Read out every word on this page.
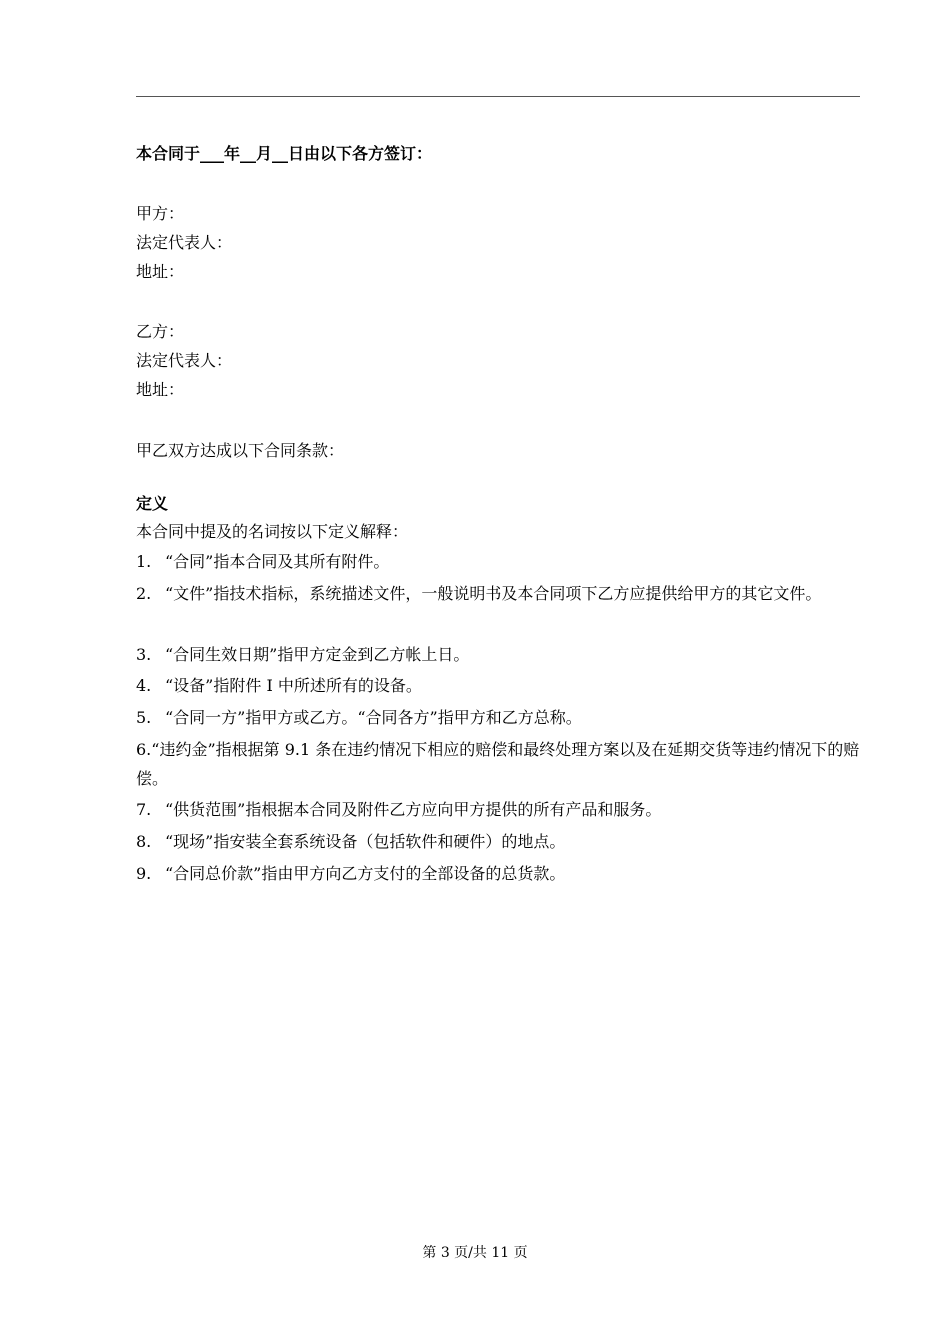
本合同于___年__月__日由以下各方签订：
甲方：
法定代表人：
地址：
乙方：
法定代表人：
地址：
甲乙双方达成以下合同条款：
定义
本合同中提及的名词按以下定义解释：
1. “合同”指本合同及其所有附件。
2. “文件”指技术指标，系统描述文件，一般说明书及本合同项下乙方应提供给甲方的其它文件。
3. “合同生效日期”指甲方定金到乙方帐上日。
4. “设备”指附件 I 中所述所有的设备。
5. “合同一方”指甲方或乙方。“合同各方”指甲方和乙方总称。
6.“违约金”指根据第 9.1 条在违约情况下相应的赔偿和最终处理方案以及在延期交货等违约情况下的赔偿。
7. “供货范围”指根据本合同及附件乙方应向甲方提供的所有产品和服务。
8. “现场”指安装全套系统设备（包括软件和硬件）的地点。
9. “合同总价款”指由甲方向乙方支付的全部设备的总货款。
第 3 页/共 11 页
